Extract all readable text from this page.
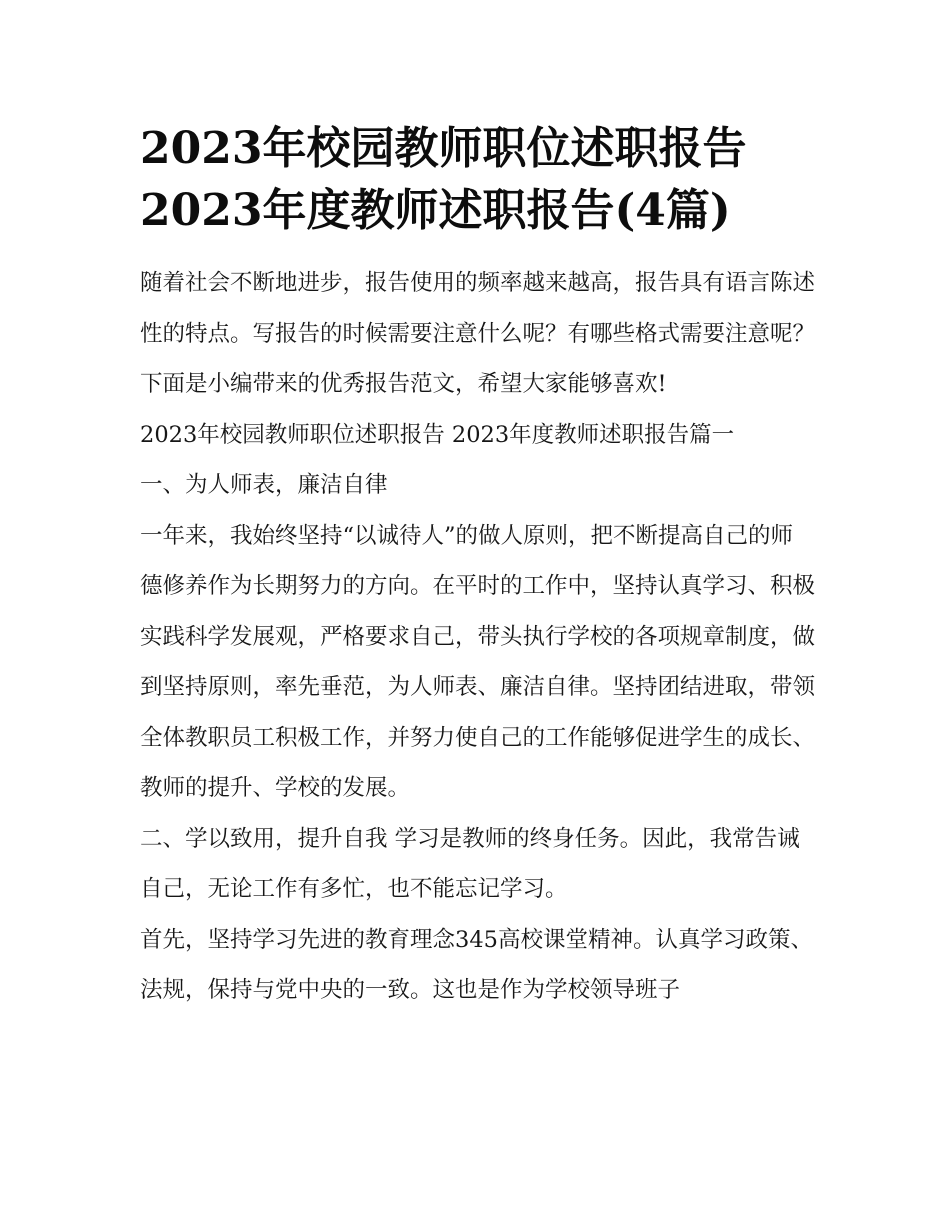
2023年校园教师职位述职报告
2023年度教师述职报告(4篇)

随着社会不断地进步，报告使用的频率越来越高，报告具有语言陈述性的特点。写报告的时候需要注意什么呢？有哪些格式需要注意呢？下面是小编带来的优秀报告范文，希望大家能够喜欢!

2023年校园教师职位述职报告 2023年度教师述职报告篇一

一、为人师表，廉洁自律

一年来，我始终坚持“以诚待人”的做人原则，把不断提高自己的师德修养作为长期努力的方向。在平时的工作中，坚持认真学习、积极实践科学发展观，严格要求自己，带头执行学校的各项规章制度，做到坚持原则，率先垂范，为人师表、廉洁自律。坚持团结进取，带领全体教职员工积极工作，并努力使自己的工作能够促进学生的成长、教师的提升、学校的发展。

二、学以致用，提升自我 学习是教师的终身任务。因此，我常告诫自己，无论工作有多忙，也不能忘记学习。

首先，坚持学习先进的教育理念345高校课堂精神。认真学习政策、法规，保持与党中央的一致。这也是作为学校领导班子
